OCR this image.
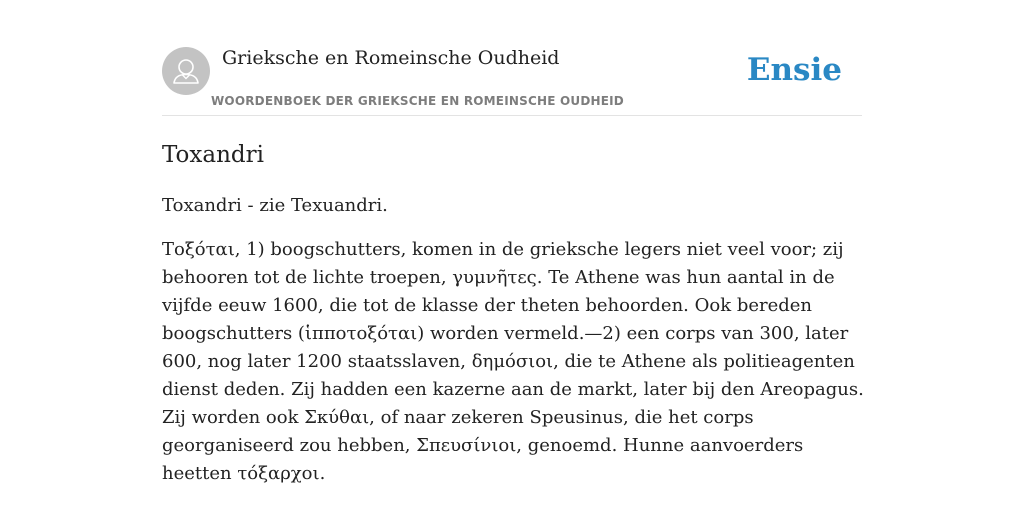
Grieksche en Romeinsche Oudheid
WOORDENBOEK DER GRIEKSCHE EN ROMEINSCHE OUDHEID
Ensie
Toxandri

Toxandri - zie Texuandri.

Τοξόται, 1) boogschutters, komen in de grieksche legers niet veel voor; zij behooren tot de lichte troepen, γυμνῆτες. Te Athene was hun aantal in de vijfde eeuw 1600, die tot de klasse der theten behoorden. Ook bereden boogschutters (ἱπποτοξόται) worden vermeld.—2) een corps van 300, later 600, nog later 1200 staatsslaven, δημόσιοι, die te Athene als politieagenten dienst deden. Zij hadden een kazerne aan de markt, later bij den Areopagus. Zij worden ook Σκύθαι, of naar zekeren Speusinus, die het corps georganiseerd zou hebben, Σπευσίνιοι, genoemd. Hunne aanvoerders heetten τόξαρχοι.
